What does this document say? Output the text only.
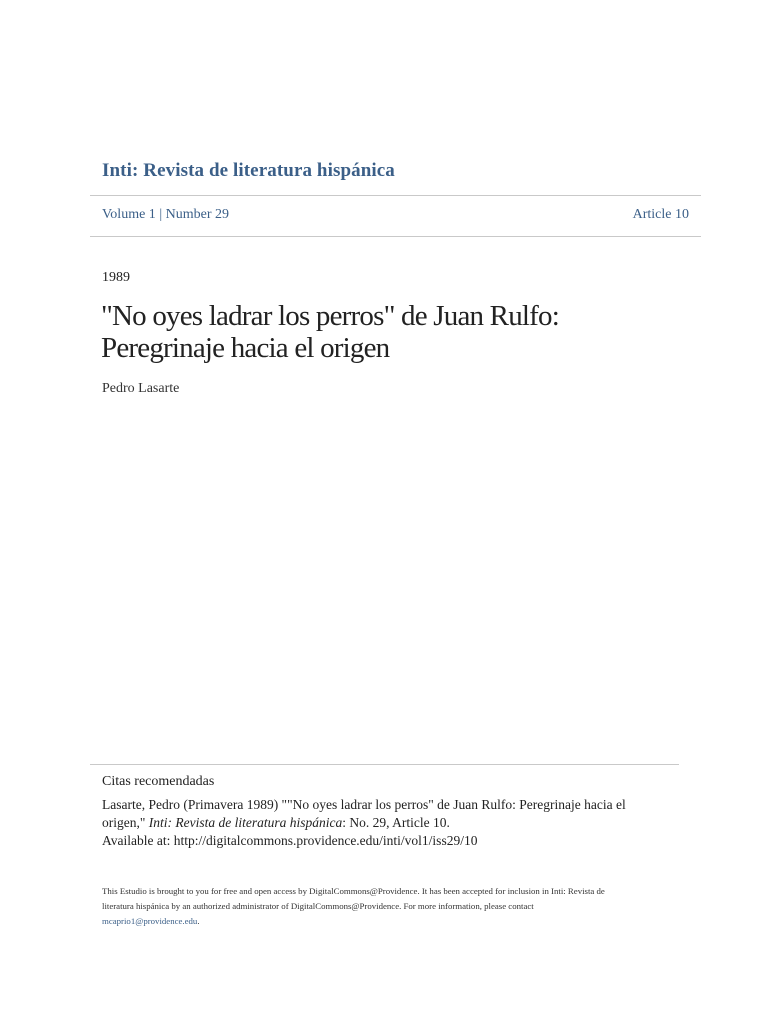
Inti: Revista de literatura hispánica
Volume 1 | Number 29	Article 10
1989
"No oyes ladrar los perros" de Juan Rulfo:
Peregrinaje hacia el origen
Pedro Lasarte
Citas recomendadas
Lasarte, Pedro (Primavera 1989) ""No oyes ladrar los perros" de Juan Rulfo: Peregrinaje hacia el
origen," Inti: Revista de literatura hispánica: No. 29, Article 10.
Available at: http://digitalcommons.providence.edu/inti/vol1/iss29/10
This Estudio is brought to you for free and open access by DigitalCommons@Providence. It has been accepted for inclusion in Inti: Revista de
literatura hispánica by an authorized administrator of DigitalCommons@Providence. For more information, please contact
mcaprio1@providence.edu.
